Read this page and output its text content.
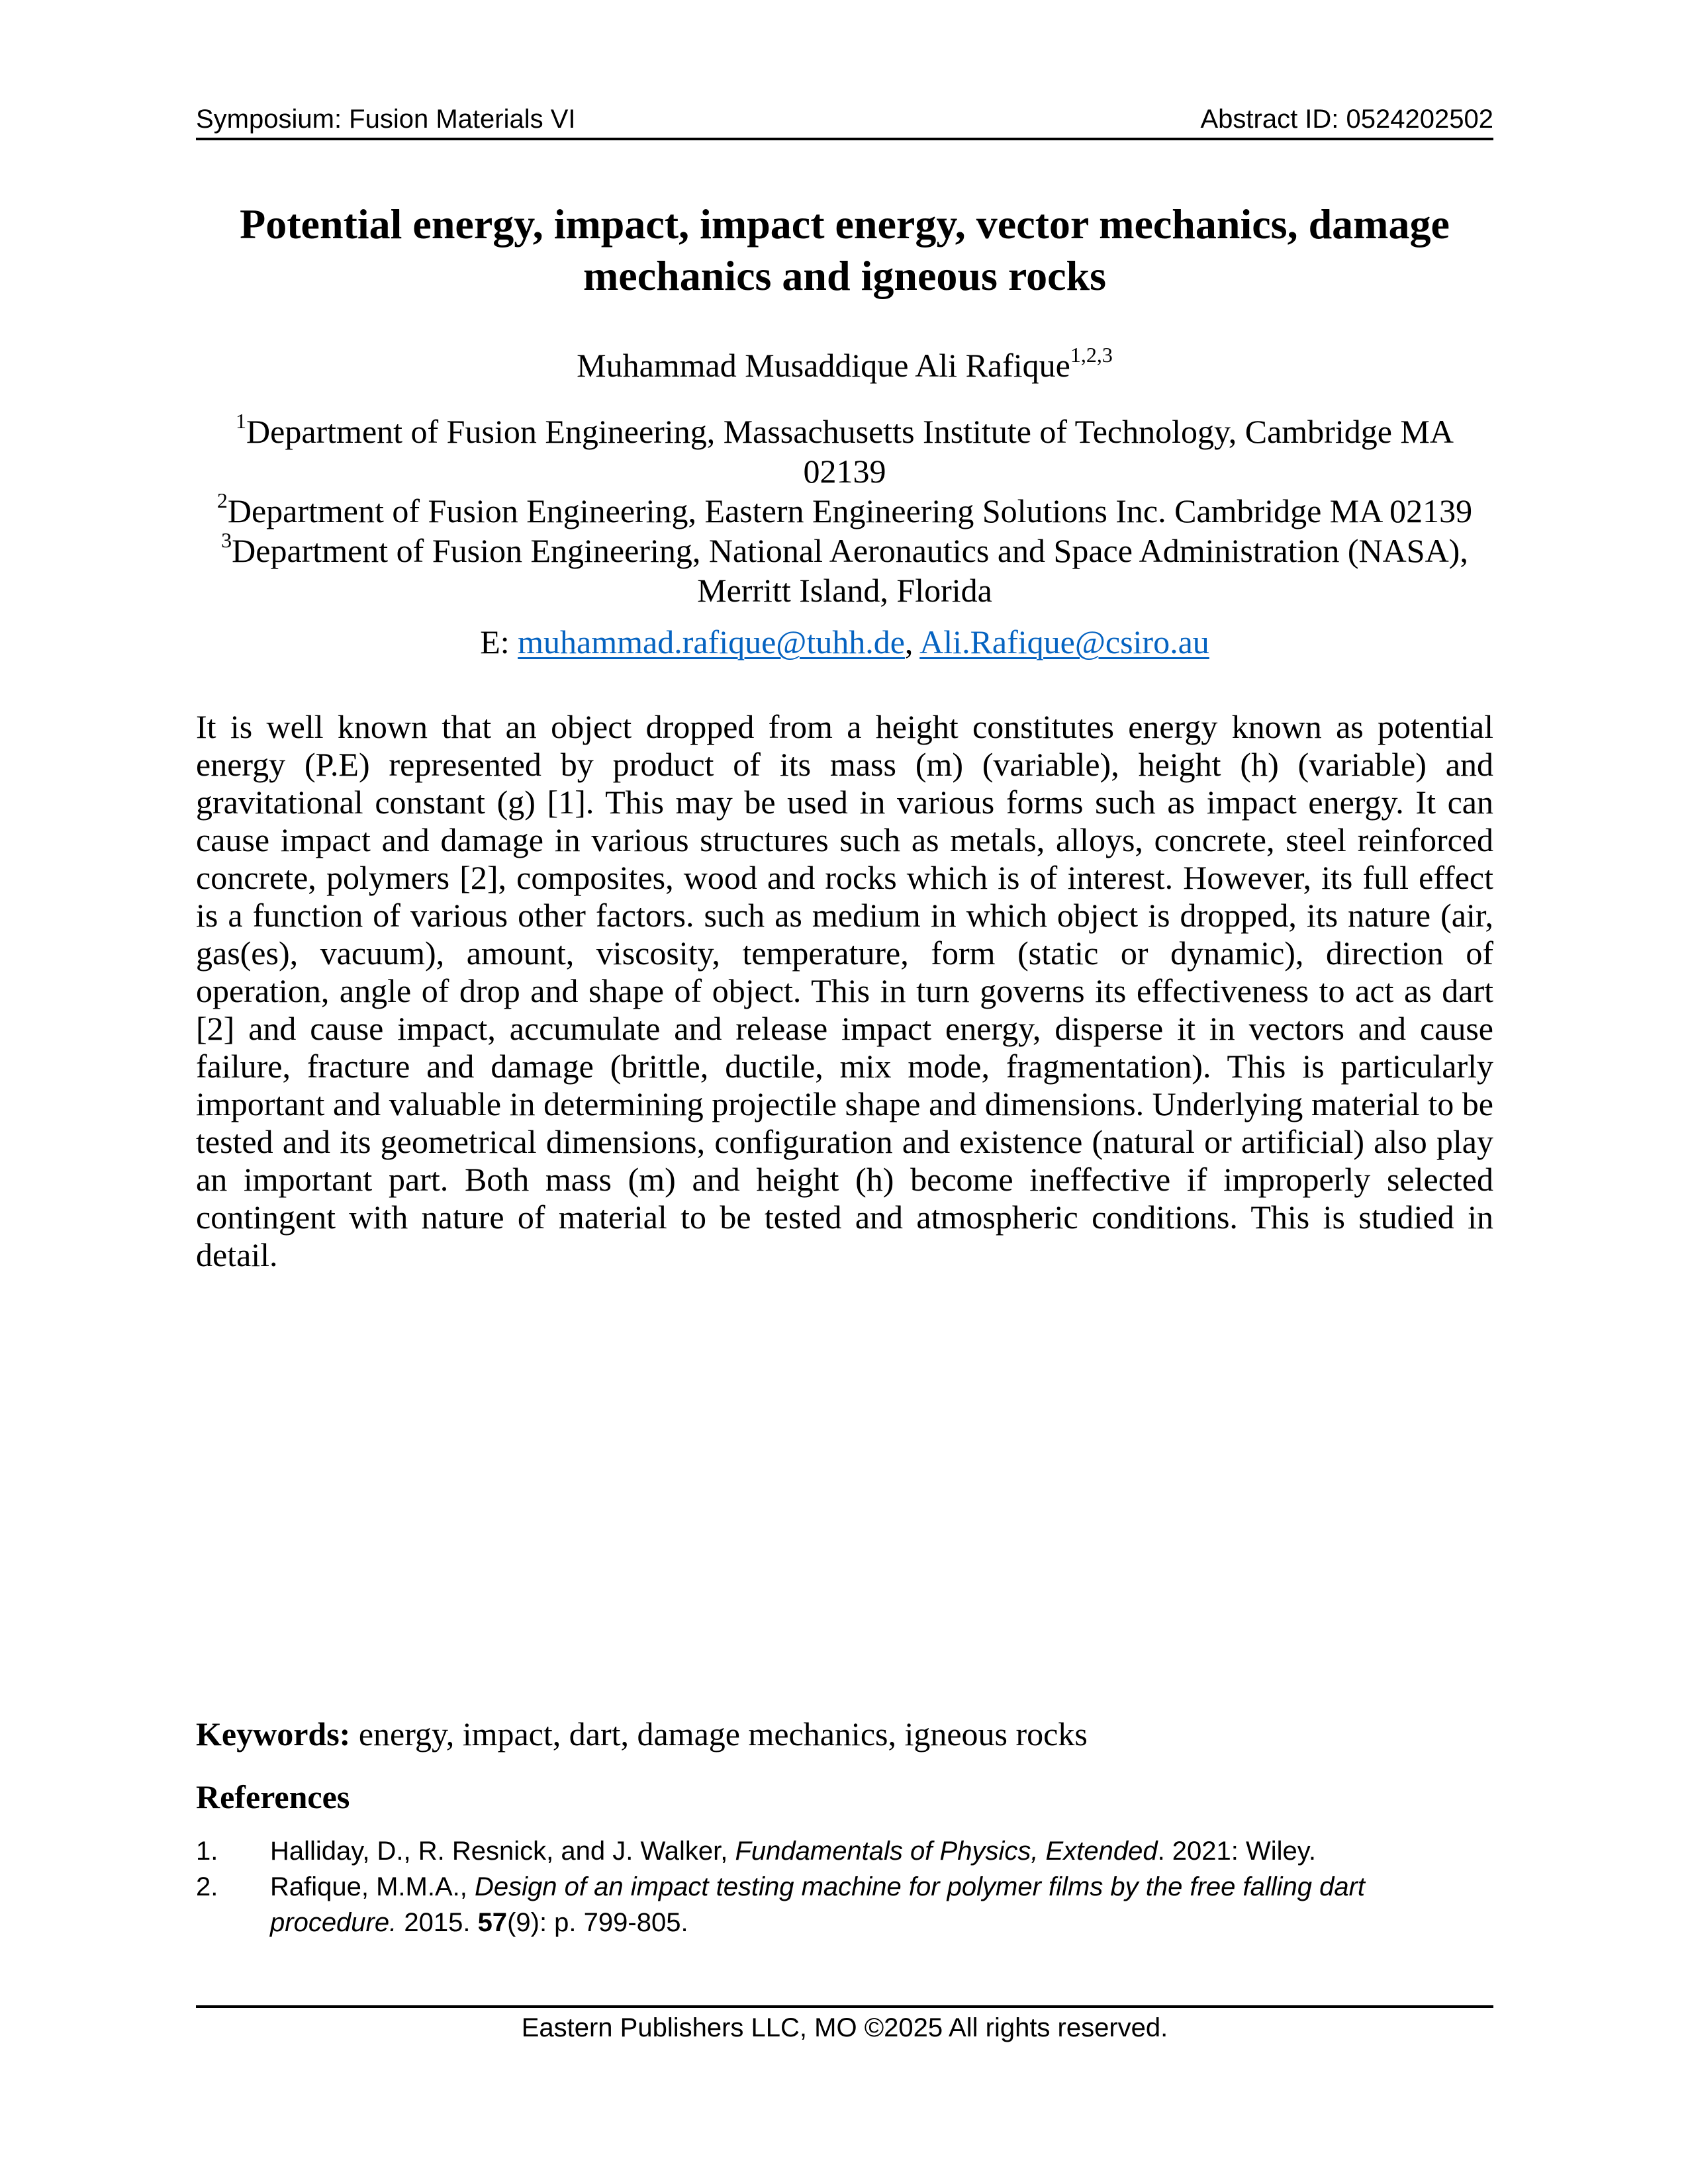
Symposium: Fusion Materials VI	Abstract ID: 0524202502
Potential energy, impact, impact energy, vector mechanics, damage
mechanics and igneous rocks
Muhammad Musaddique Ali Rafique$^{1,2,3}$
$^1$Department of Fusion Engineering, Massachusetts Institute of Technology, Cambridge MA 02139
$^2$Department of Fusion Engineering, Eastern Engineering Solutions Inc. Cambridge MA 02139
$^3$Department of Fusion Engineering, National Aeronautics and Space Administration (NASA),
Merritt Island, Florida
E: muhammad.rafique@tuhh.de, Ali.Rafique@csiro.au

It is well known that an object dropped from a height constitutes energy known as potential energy (P.E) represented by product of its mass (m) (variable), height (h) (variable) and gravitational constant (g) [1]. This may be used in various forms such as impact energy. It can cause impact and damage in various structures such as metals, alloys, concrete, steel reinforced concrete, polymers [2], composites, wood and rocks which is of interest. However, its full effect is a function of various other factors. such as medium in which object is dropped, its nature (air, gas(es), vacuum), amount, viscosity, temperature, form (static or dynamic), direction of operation, angle of drop and shape of object. This in turn governs its effectiveness to act as dart [2] and cause impact, accumulate and release impact energy, disperse it in vectors and cause failure, fracture and damage (brittle, ductile, mix mode, fragmentation). This is particularly important and valuable in determining projectile shape and dimensions. Underlying material to be tested and its geometrical dimensions, configuration and existence (natural or artificial) also play an important part. Both mass (m) and height (h) become ineffective if improperly selected contingent with nature of material to be tested and atmospheric conditions. This is studied in detail.

Keywords: energy, impact, dart, damage mechanics, igneous rocks
References
1.	Halliday, D., R. Resnick, and J. Walker, Fundamentals of Physics, Extended. 2021: Wiley.
2.	Rafique, M.M.A., Design of an impact testing machine for polymer films by the free falling dart procedure. 2015. 57(9): p. 799-805.
Eastern Publishers LLC, MO ©2025 All rights reserved.
